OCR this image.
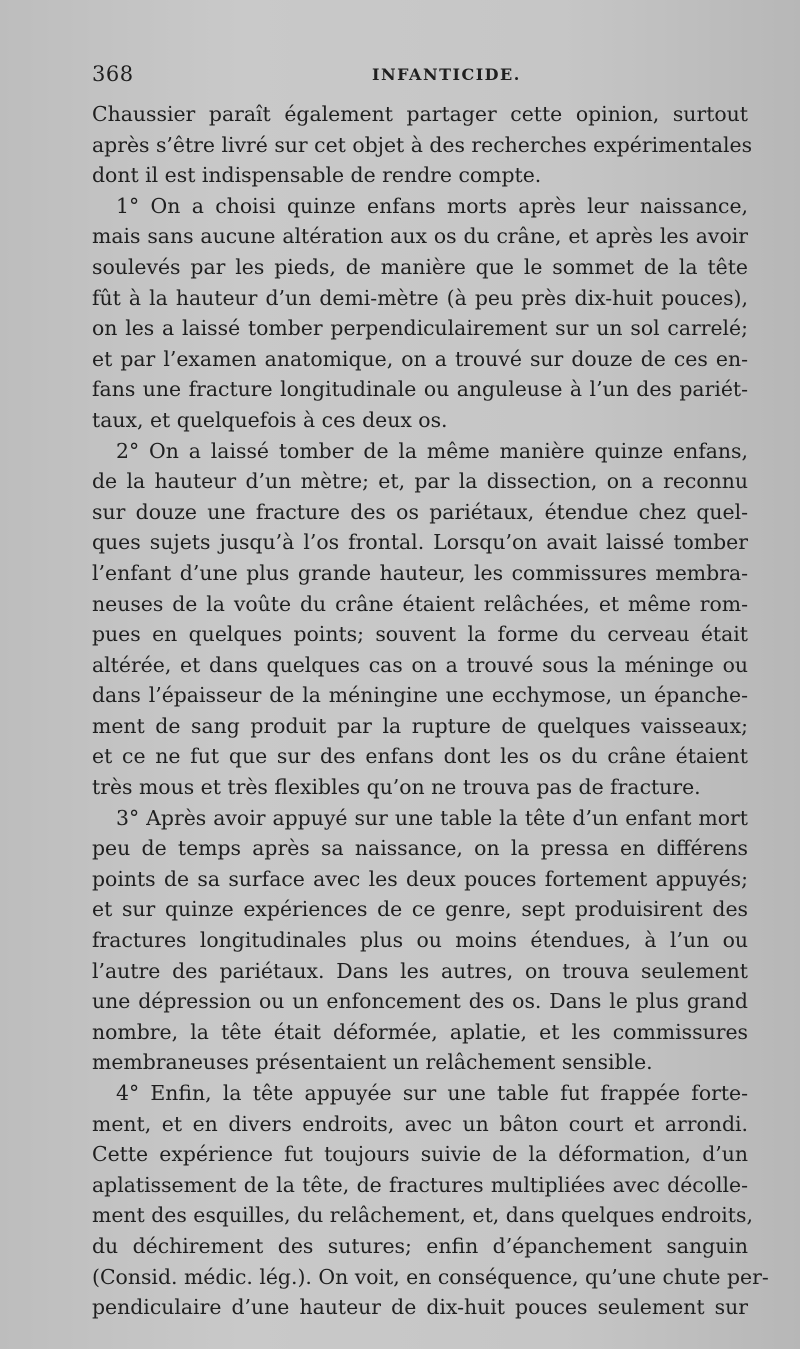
368	INFANTICIDE.
Chaussier paraît également partager cette opinion, surtout
après s’être livré sur cet objet à des recherches expérimentales
dont il est indispensable de rendre compte.
1° On a choisi quinze enfans morts après leur naissance,
mais sans aucune altération aux os du crâne, et après les avoir
soulevés par les pieds, de manière que le sommet de la tête
fût à la hauteur d’un demi-mètre (à peu près dix-huit pouces),
on les a laissé tomber perpendiculairement sur un sol carrelé;
et par l’examen anatomique, on a trouvé sur douze de ces en-
fans une fracture longitudinale ou anguleuse à l’un des pariét-
taux, et quelquefois à ces deux os.
2° On a laissé tomber de la même manière quinze enfans,
de la hauteur d’un mètre; et, par la dissection, on a reconnu
sur douze une fracture des os pariétaux, étendue chez quel-
ques sujets jusqu’à l’os frontal. Lorsqu’on avait laissé tomber
l’enfant d’une plus grande hauteur, les commissures membra-
neuses de la voûte du crâne étaient relâchées, et même rom-
pues en quelques points; souvent la forme du cerveau était
altérée, et dans quelques cas on a trouvé sous la méninge ou
dans l’épaisseur de la méningine une ecchymose, un épanche-
ment de sang produit par la rupture de quelques vaisseaux;
et ce ne fut que sur des enfans dont les os du crâne étaient
très mous et très flexibles qu’on ne trouva pas de fracture.
3° Après avoir appuyé sur une table la tête d’un enfant mort
peu de temps après sa naissance, on la pressa en différens
points de sa surface avec les deux pouces fortement appuyés;
et sur quinze expériences de ce genre, sept produisirent des
fractures longitudinales plus ou moins étendues, à l’un ou
l’autre des pariétaux. Dans les autres, on trouva seulement
une dépression ou un enfoncement des os. Dans le plus grand
nombre, la tête était déformée, aplatie, et les commissures
membraneuses présentaient un relâchement sensible.
4° Enfin, la tête appuyée sur une table fut frappée forte-
ment, et en divers endroits, avec un bâton court et arrondi.
Cette expérience fut toujours suivie de la déformation, d’un
aplatissement de la tête, de fractures multipliées avec décolle-
ment des esquilles, du relâchement, et, dans quelques endroits,
du déchirement des sutures; enfin d’épanchement sanguin
(Consid. médic. lég.). On voit, en conséquence, qu’une chute per-
pendiculaire d’une hauteur de dix-huit pouces seulement sur
